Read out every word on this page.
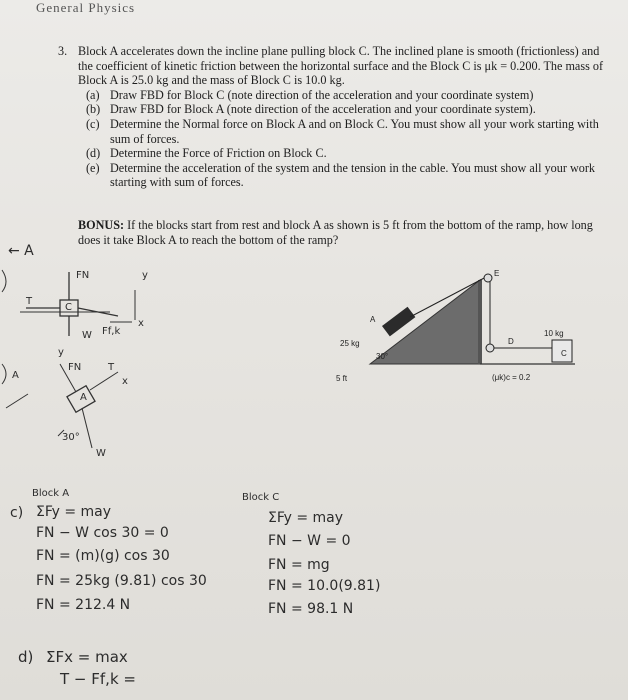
General Physics
3. Block A accelerates down the incline plane pulling block C. The inclined plane is smooth (frictionless) and the coefficient of kinetic friction between the horizontal surface and the Block C is μk = 0.200. The mass of Block A is 25.0 kg and the mass of Block C is 10.0 kg.

(a) Draw FBD for Block C (note direction of the acceleration and your coordinate system)
(b) Draw FBD for Block A (note direction of the acceleration and your coordinate system).
(c) Determine the Normal force on Block A and on Block C. You must show all your work starting with sum of forces.
(d) Determine the Force of Friction on Block C.
(e) Determine the acceleration of the system and the tension in the cable. You must show all your work starting with sum of forces.
BONUS: If the blocks start from rest and block A as shown is 5 ft from the bottom of the ramp, how long does it take Block A to reach the bottom of the ramp?
A
25 kg
30°
5 ft
E
D
C
10 kg
(μk)c = 0.2
← A
FN	y
T
C
W Ff,k
x
y
FN	T
x
A
A
30°
W
Block A
c) ΣFy = may
FN − W cos 30 = 0
FN = (m)(g) cos 30
FN = 25kg (9.81) cos 30
FN = 212.4 N
Block C
ΣFy = may
FN − W = 0
FN = mg
FN = 10.0(9.81)
FN = 98.1 N
d) ΣFx = max
T − Ff,k =
